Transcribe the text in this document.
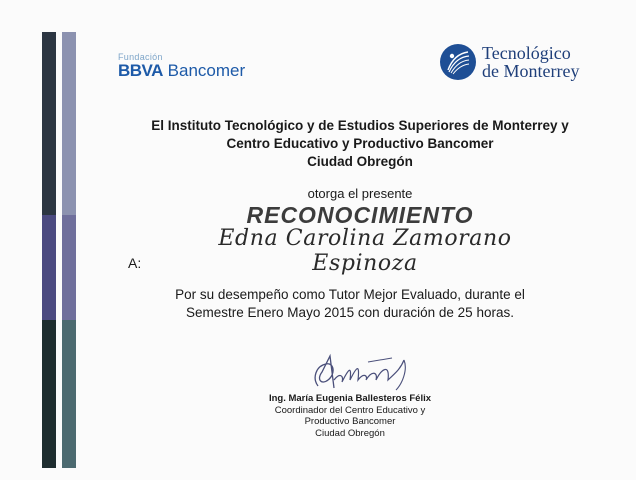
Fundación
BBVA Bancomer
Tecnológico
de Monterrey
El Instituto Tecnológico y de Estudios Superiores de Monterrey y
Centro Educativo y Productivo Bancomer
Ciudad Obregón
otorga el presente
RECONOCIMIENTO
A:
Edna Carolina Zamorano Espinoza
Por su desempeño como Tutor Mejor Evaluado, durante el
Semestre Enero Mayo 2015 con duración de 25 horas.
Ing. María Eugenia Ballesteros Félix
Coordinador del Centro Educativo y
Productivo Bancomer
Ciudad Obregón
